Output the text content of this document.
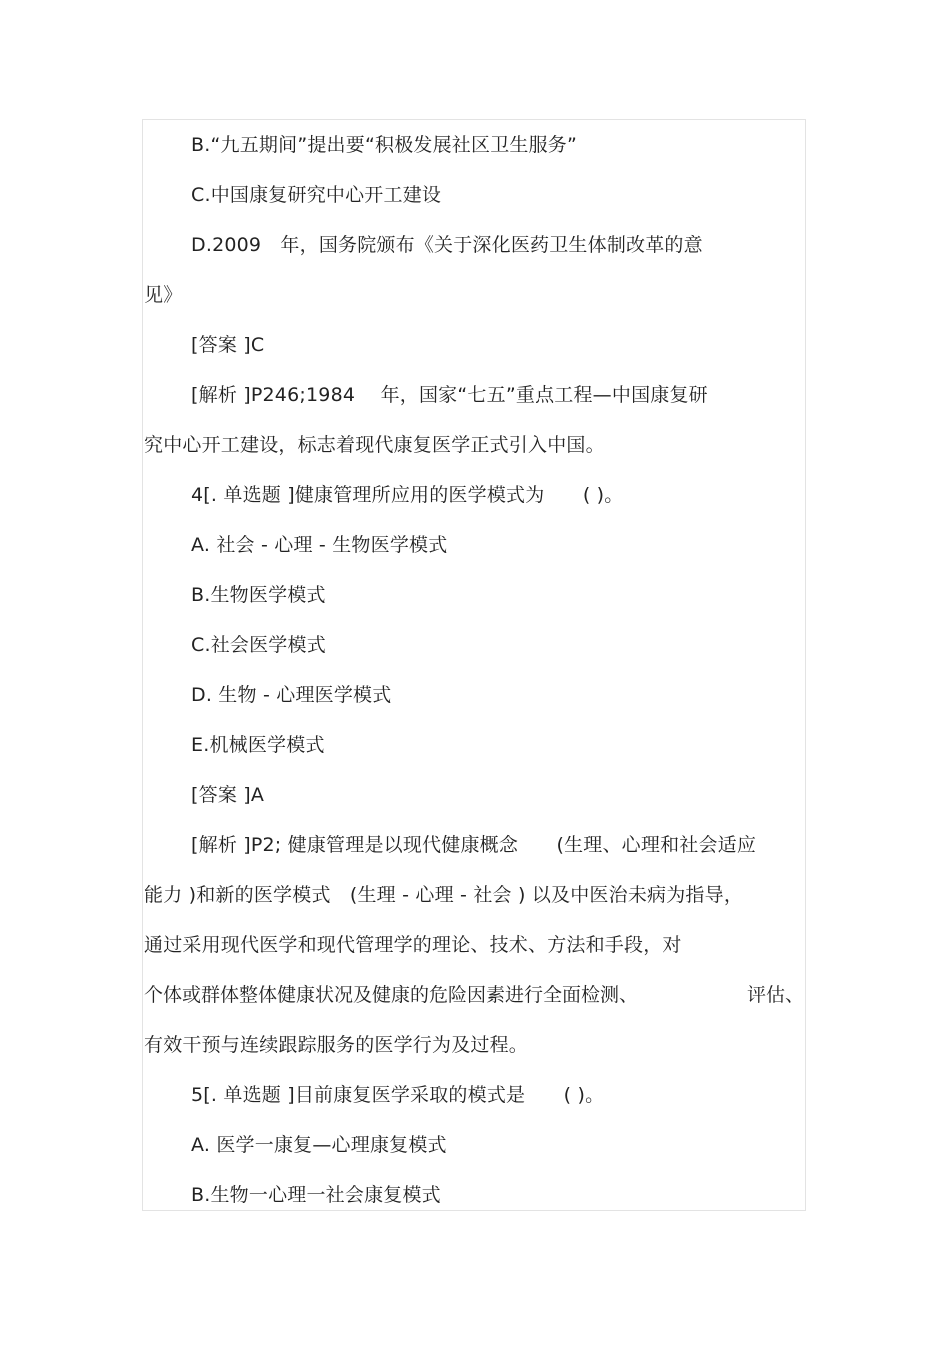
B.“九五期间”提出要“积极发展社区卫生服务”
C.中国康复研究中心开工建设
D.2009　年，国务院颁布《关于深化医药卫生体制改革的意
见》
[答案 ]C
[解析 ]P246;1984　 年，国家“七五”重点工程—中国康复研
究中心开工建设，标志着现代康复医学正式引入中国。
4[. 单选题 ]健康管理所应用的医学模式为　　( )。
A. 社会 - 心理 - 生物医学模式
B.生物医学模式
C.社会医学模式
D. 生物 - 心理医学模式
E.机械医学模式
[答案 ]A
[解析 ]P2; 健康管理是以现代健康概念　　(生理、心理和社会适应
能力 )和新的医学模式　(生理 - 心理 - 社会 ) 以及中医治未病为指导，
通过采用现代医学和现代管理学的理论、技术、方法和手段，对
个体或群体整体健康状况及健康的危险因素进行全面检测、	评估、
有效干预与连续跟踪服务的医学行为及过程。
5[. 单选题 ]目前康复医学采取的模式是　　( )。
A. 医学一康复—心理康复模式
B.生物一心理一社会康复模式
